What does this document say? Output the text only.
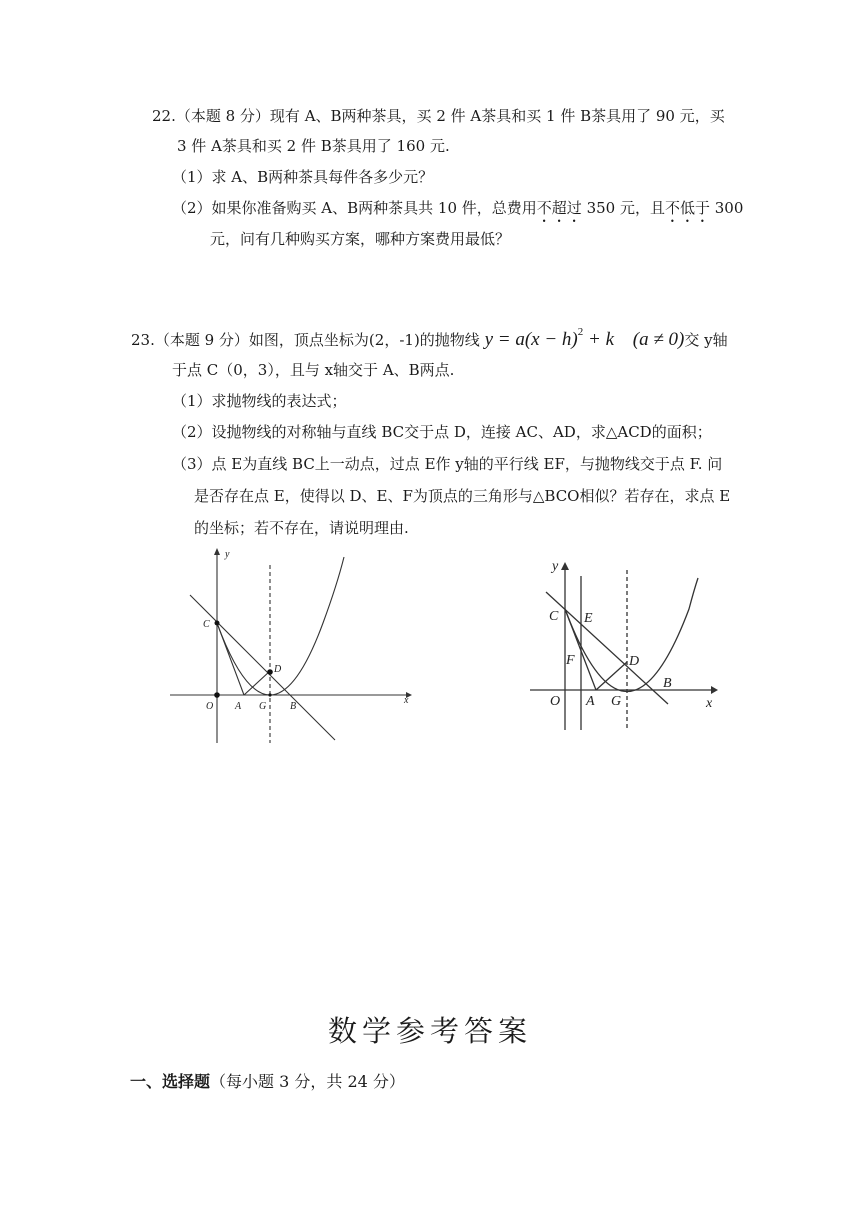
22.（本题 8 分）现有 A、B两种茶具，买 2 件 A茶具和买 1 件 B茶具用了 90 元，买
3 件 A茶具和买 2 件 B茶具用了 160 元.
（1）求 A、B两种茶具每件各多少元？
（2）如果你准备购买 A、B两种茶具共 10 件，总费用不超过 350 元，且不低于 300
元，问有几种购买方案，哪种方案费用最低？
23.（本题 9 分）如图，顶点坐标为(2，-1)的抛物线 $y = a(x - h)^2 + k$ (a ≠ 0)交 y轴
于点 C（0，3），且与 x轴交于 A、B两点.
（1）求抛物线的表达式；
（2）设抛物线的对称轴与直线 BC交于点 D，连接 AC、AD，求△ACD的面积；
（3）点 E为直线 BC上一动点，过点 E作 y轴的平行线 EF，与抛物线交于点 F. 问
是否存在点 E，使得以 D、E、F为顶点的三角形与△BCO相似？若存在，求点 E
的坐标；若不存在，请说明理由.
y
x
O A G B
C
D
y
x
O A G
B
C
D
E
F
数学参考答案
一、选择题（每小题 3 分，共 24 分）
